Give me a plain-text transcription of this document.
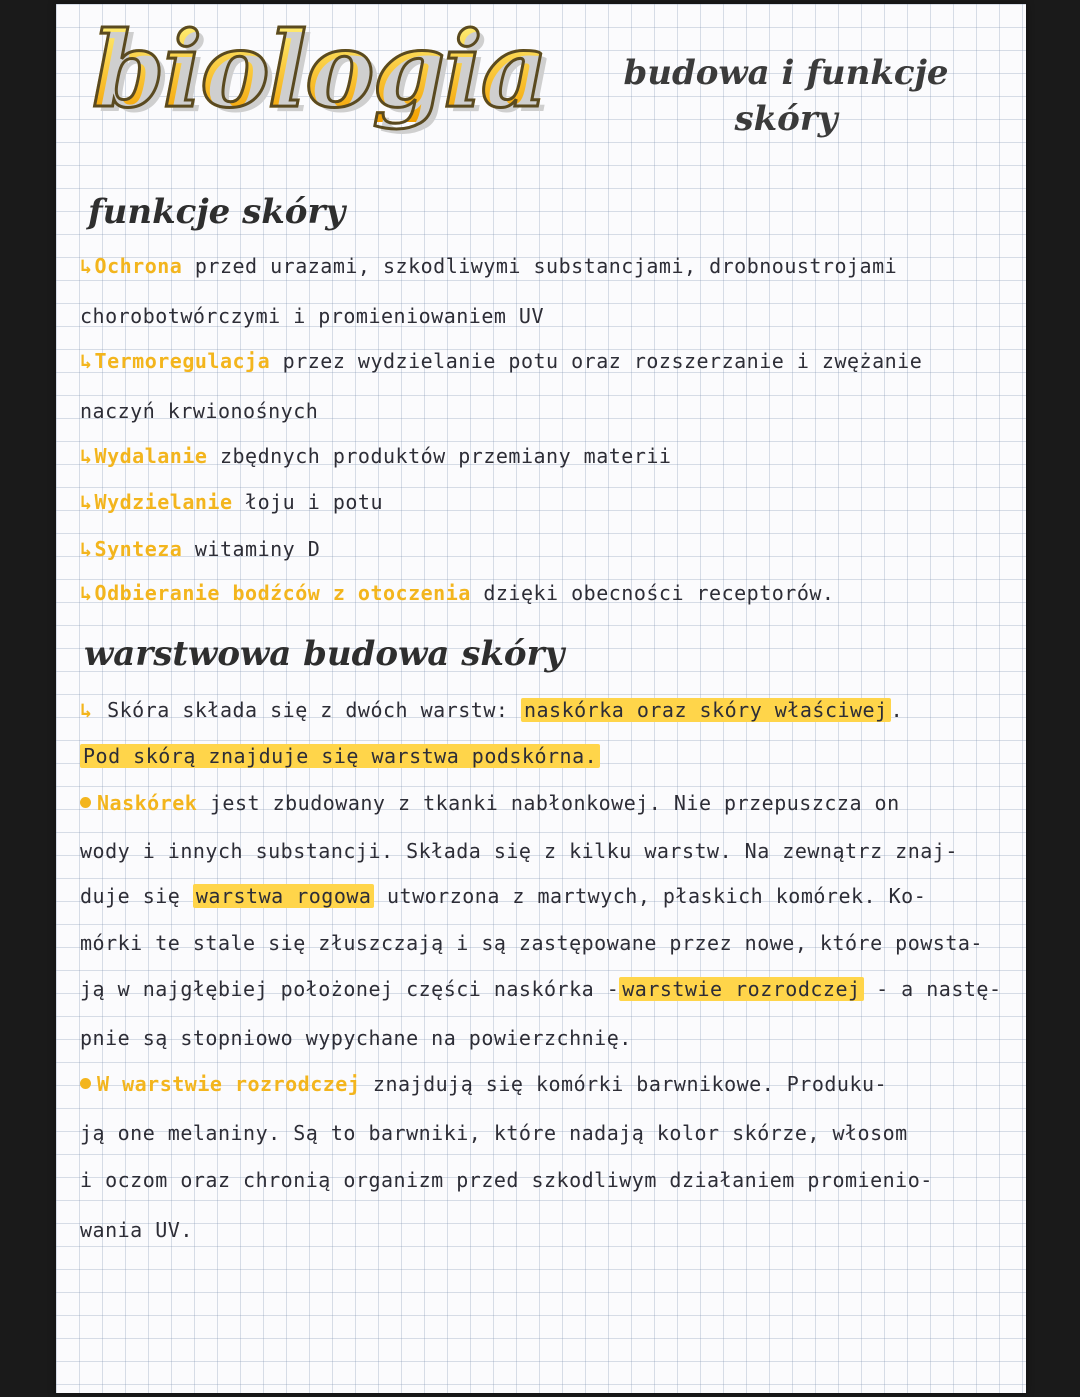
biologia	budowa i funkcje skóry
funkcje skóry
↳ Ochrona przed urazami, szkodliwymi substancjami, drobnoustrojami
chorobotwórczymi i promieniowaniem UV
↳ Termoregulacja przez wydzielanie potu oraz rozszerzanie i zwężanie
naczyń krwionośnych
↳ Wydalanie zbędnych produktów przemiany materii
↳ Wydzielanie łoju i potu
↳ Synteza witaminy D
↳ Odbieranie bodźców z otoczenia dzięki obecności receptorów.
warstwowa budowa skóry
↳ Skóra składa się z dwóch warstw: naskórka oraz skóry właściwej .
Pod skórą znajduje się warstwa podskórna.
Naskórek jest zbudowany z tkanki nabłonkowej. Nie przepuszcza on
wody i innych substancji. Składa się z kilku warstw. Na zewnątrz znaj-
duje się warstwa rogowa utworzona z martwych, płaskich komórek. Ko-
mórki te stale się złuszczają i są zastępowane przez nowe, które powsta-
ją w najgłębiej położonej części naskórka - warstwie rozrodczej - a nastę-
pnie są stopniowo wypychane na powierzchnię.
W warstwie rozrodczej znajdują się komórki barwnikowe. Produku-
ją one melaniny. Są to barwniki, które nadają kolor skórze, włosom
i oczom oraz chronią organizm przed szkodliwym działaniem promienio-
wania UV.
